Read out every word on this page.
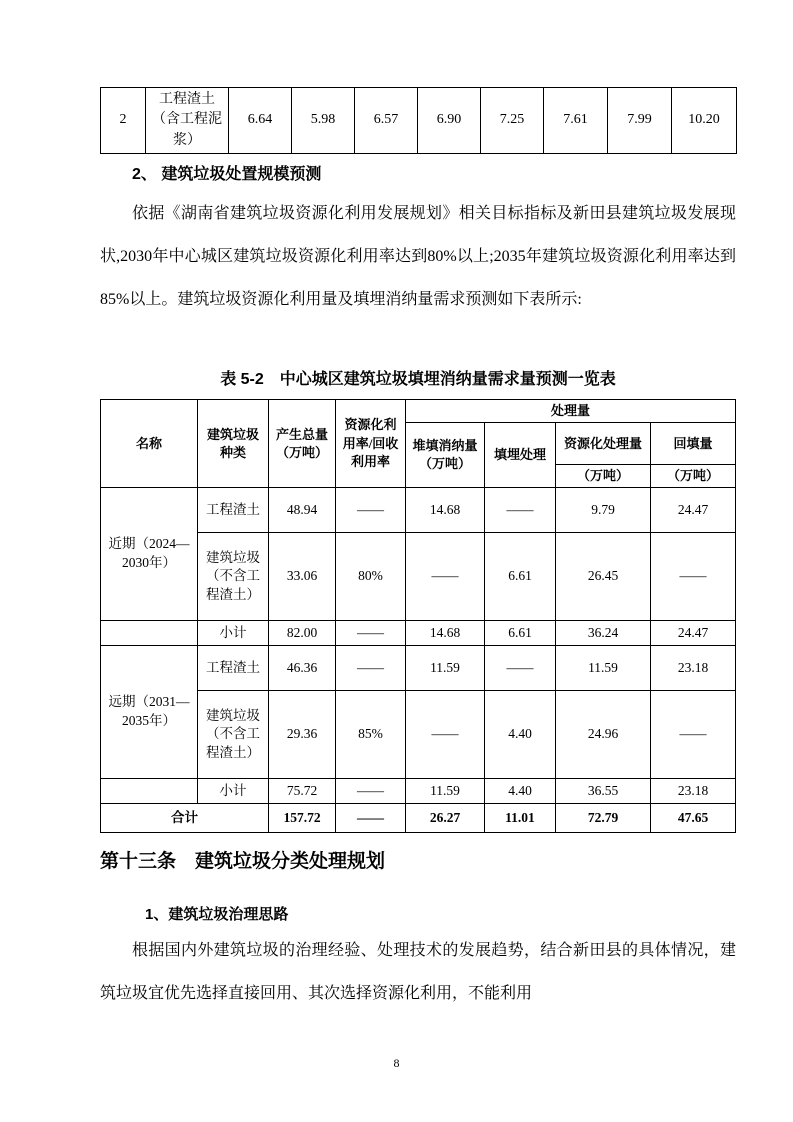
2	工程渣土（含工程泥浆）	6.64	5.98	6.57	6.90	7.25	7.61	7.99	10.20
2、 建筑垃圾处置规模预测

依据《湖南省建筑垃圾资源化利用发展规划》相关目标指标及新田县建筑垃圾发展现状,2030年中心城区建筑垃圾资源化利用率达到80%以上;2035年建筑垃圾资源化利用率达到85%以上。建筑垃圾资源化利用量及填埋消纳量需求预测如下表所示:

表 5-2　中心城区建筑垃圾填埋消纳量需求量预测一览表
名称	建筑垃圾种类	产生总量（万吨）	资源化利用率/回收利用率	处理量			
				堆填消纳量（万吨）	填埋处理	资源化处理量	回填量
						（万吨）	（万吨）
近期（2024—2030年）	工程渣土	48.94	——	14.68	——	9.79	24.47
	建筑垃圾（不含工程渣土）	33.06	80%	——	6.61	26.45	——
	小计	82.00	——	14.68	6.61	36.24	24.47
远期（2031—2035年）	工程渣土	46.36	——	11.59	——	11.59	23.18
	建筑垃圾（不含工程渣土）	29.36	85%	——	4.40	24.96	——
	小计	75.72	——	11.59	4.40	36.55	23.18
合计		157.72	——	26.27	11.01	72.79	47.65
第十三条　建筑垃圾分类处理规划
1、建筑垃圾治理思路

根据国内外建筑垃圾的治理经验、处理技术的发展趋势，结合新田县的具体情况，建筑垃圾宜优先选择直接回用、其次选择资源化利用，不能利用

8
